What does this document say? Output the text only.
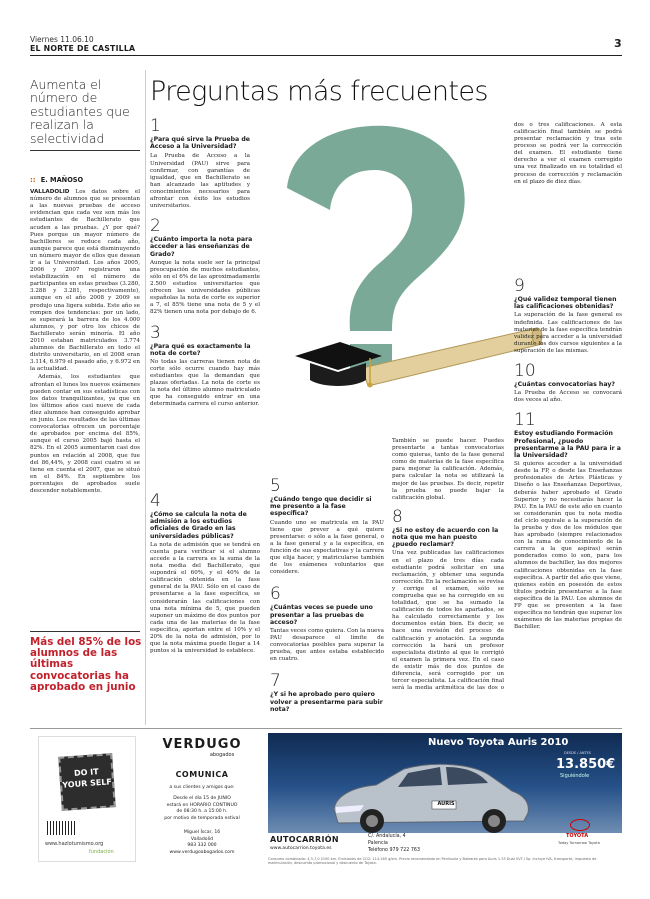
Viernes 11.06.10
EL NORTE DE CASTILLA	3
Aumenta el número de estudiantes que realizan la selectividad
:: E. MAÑOSO

VALLADOLID Los datos sobre el número de alumnos que se presentan a las nuevas pruebas de acceso evidencian que cada vez son más los estudiantes de Bachillerato que acuden a las pruebas. ¿Y por qué? Pues porque un mayor número de bachilleres se reduce cada año, aunque parece que está disminuyendo un número mayor de ellos que desean ir a la Universidad. Los años 2005, 2006 y 2007 registraron una estabilización en el número de participantes en estas pruebas (3.280, 3.288 y 3.281, respectivamente), aunque en el año 2008 y 2009 se produjo una ligera subida. Este año se rompen dos tendencias: por un lado, se superará la barrera de los 4.000 alumnos, y por otro los chicos de Bachillerato serán minoría. El año 2010 estaban matriculados 3.774 alumnos de Bachillerato en todo el distrito universitario, en el 2008 eran 3.114, 6.979 el pasado año, y 6.972 en la actualidad.

Además, los estudiantes que afrontan el lunes los nuevos exámenes pueden contar en sus estadísticas con los datos tranquilizantes, ya que en los últimos años casi nueve de cada diez alumnos han conseguido aprobar en junio. Los resultados de las últimas convocatorias ofrecen un porcentaje de aprobados por encima del 85%, aunque el curso 2005 bajó hasta el 82%. En el 2005 aumentaron casi dos puntos en relación al 2008, que fue del 86,44%, y 2008 casi cuatro si se tiene en cuenta el 2007, que se situó en el 84%. En septiembre los porcentajes de aprobados suele descender notablemente.

Más del 85% de los alumnos de las últimas convocatorias ha aprobado en junio
Preguntas más frecuentes
1
¿Para qué sirve la Prueba de Acceso a la Universidad?
La Prueba de Acceso a la Universidad (PAU) sirve para confirmar, con garantías de igualdad, que en Bachillerato se han alcanzado las aptitudes y conocimientos necesarios para afrontar con éxito los estudios universitarios.
2
¿Cuánto importa la nota para acceder a las enseñanzas de Grado?
Aunque la nota suele ser la principal preocupación de muchos estudiantes, sólo en el 6% de las aproximadamente 2.500 estudios universitarios que ofrecen las universidades públicas españolas la nota de corte es superior a 7, el 85% tiene una nota de 5 y el 82% tienen una nota por debajo de 6.
3
¿Para qué es exactamente la nota de corte?
No todas las carreras tienen nota de corte sólo ocurre cuando hay más estudiantes que la demandan que plazas ofertadas. La nota de corte es la nota del último alumno matriculado que ha conseguido entrar en una determinada carrera el curso anterior.
4
¿Cómo se calcula la nota de admisión a los estudios oficiales de Grado en las universidades públicas?
La nota de admisión que se tendrá en cuenta para verificar si el alumno accede a la carrera es la suma de la nota media del Bachillerato, que supondrá el 60%, y el 40% de la calificación obtenida en la fase general de la PAU. Sólo en el caso de presentarse a la fase específica, se considerarán las calificaciones con una nota mínima de 5, que pueden suponer un máximo de dos puntos por cada una de las materias de la fase específica, aportan entre el 10% y el 20% de la nota de admisión, por lo que la nota máxima puede llegar a 14 puntos si la universidad lo establece.
5
¿Cuándo tengo que decidir si me presento a la fase específica?
Cuando uno se matricula en la PAU tiene que prever a qué quiere presentarse: o sólo a la fase general, o a la fase general y a la específica, en función de sus expectativas y la carrera que elija hacer, y matricularse también de los exámenes voluntarios que considere.
6
¿Cuántas veces se puede uno presentar a las pruebas de acceso?
Tantas veces como quiera. Con la nueva PAU desaparece el límite de convocatorias posibles para superar la prueba, que antes estaba establecido en cuatro.
7
¿Y si he aprobado pero quiero volver a presentarme para subir nota?
También se puede hacer. Puedes presentarte a tantas convocatorias como quieras, tanto de la fase general como de materias de la fase específica para mejorar la calificación. Además, para calcular la nota se utilizará la mejor de las pruebas. Es decir, repetir la prueba no puede bajar la calificación global.
8
¿Si no estoy de acuerdo con la nota que me han puesto ¿puedo reclamar?
Una vez publicadas las calificaciones en el plazo de tres días cada estudiante podrá solicitar en una reclamación, y obtener una segunda corrección. En la reclamación se revisa y corrige el examen, sólo se comprueba que se ha corregido en su totalidad, que se ha sumado la calificación de todos los apartados, se ha calculado correctamente y los documentos están bien. Es decir, se hace una revisión del proceso de calificación y anotación. La segunda corrección la hará un profesor especialista distinto al que le corrigió el examen la primera vez. En el caso de existir más de dos puntos de diferencia, será corregido por un tercer especialista. La calificación final será la media aritmética de las dos o
dos o tres calificaciones. A esta calificación final también se podrá presentar reclamación y tras este proceso se podrá ver la corrección del examen. El estudiante tiene derecho a ver el examen corregido una vez finalizado en su totalidad el proceso de corrección y reclamación en el plazo de diez días.
9
¿Qué validez temporal tienen las calificaciones obtenidas?
La superación de la fase general es indefinida. Las calificaciones de las materias de la fase específica tendrán validez para acceder a la universidad durante los dos cursos siguientes a la superación de las mismas.
10
¿Cuántas convocatorias hay?
La Prueba de Acceso se convocará dos veces al año.
11
Estoy estudiando Formación Profesional, ¿puedo presentarme a la PAU para ir a la Universidad?
Si quieres acceder a la universidad desde la FP, o desde las Enseñanzas profesionales de Artes Plásticas y Diseño o las Enseñanzas Deportivas, deberás haber aprobado el Grado Superior y no necesitarás hacer la PAU. En la PAU de este año en cuanto se considerarán que tu nota media del ciclo equivale a la superación de la prueba y dos de los módulos que has aprobado (siempre relacionados con la rama de conocimiento de la carrera a la que aspiras) serán ponderados como lo son, para los alumnos de bachiller, las dos mejores calificaciones obtenidas en la fase específica. A partir del año que viene, quienes estén en posesión de estos títulos podrán presentarse a la fase específica de la PAU. Los alumnos de FP que se presenten a la fase específica no tendrán que superar los exámenes de las materias propias de Bachiller.
DO IT YOUR SELF
www.hazlotumismo.org
fundación
VERDUGO
abogados
COMUNICA
a sus clientes y amigos que:
Desde el día 15 de JUNIO
estará en HORARIO CONTINUO
de 08:30 h. a 15:00 h.
por motivo de temporada estival
Miguel Íscar, 16
Valladolid
983 332 000
www.verdugoabogados.com
Nuevo Toyota Auris 2010
DESDE / ANTES
13.850€
Siguiéndole
AURIS
AUTOCARRIÓN
www.autocarrion.toyota.es
C/. Andalucía, 4
Palencia
Teléfono 979 722 763
TOYOTA
Today Tomorrow Toyota
Consumo combinado: 4,3-7,0 l/100 km. Emisiones de CO2: 114-165 g/km. Precio recomendado en Península y Baleares para Auris 1.33 Dual VVT-i 5p. Incluye IVA, transporte, impuesto de matriculación, descuento promocional y descuento de Toyota.
